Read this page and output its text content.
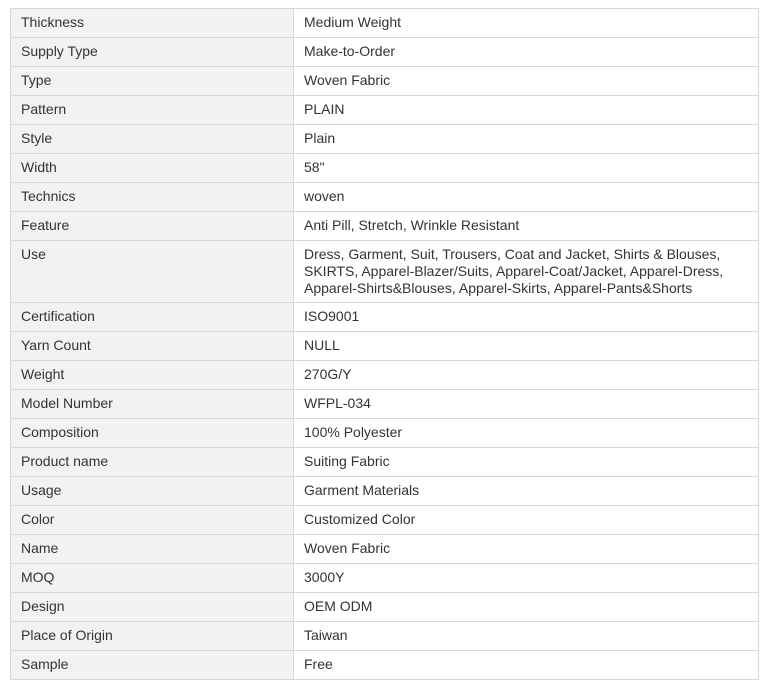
Thickness	Medium Weight
Supply Type	Make-to-Order
Type	Woven Fabric
Pattern	PLAIN
Style	Plain
Width	58"
Technics	woven
Feature	Anti Pill, Stretch, Wrinkle Resistant
Use	Dress, Garment, Suit, Trousers, Coat and Jacket, Shirts & Blouses, SKIRTS, Apparel-Blazer/Suits, Apparel-Coat/Jacket, Apparel-Dress, Apparel-Shirts&Blouses, Apparel-Skirts, Apparel-Pants&Shorts
Certification	ISO9001
Yarn Count	NULL
Weight	270G/Y
Model Number	WFPL-034
Composition	100% Polyester
Product name	Suiting Fabric
Usage	Garment Materials
Color	Customized Color
Name	Woven Fabric
MOQ	3000Y
Design	OEM ODM
Place of Origin	Taiwan
Sample	Free
